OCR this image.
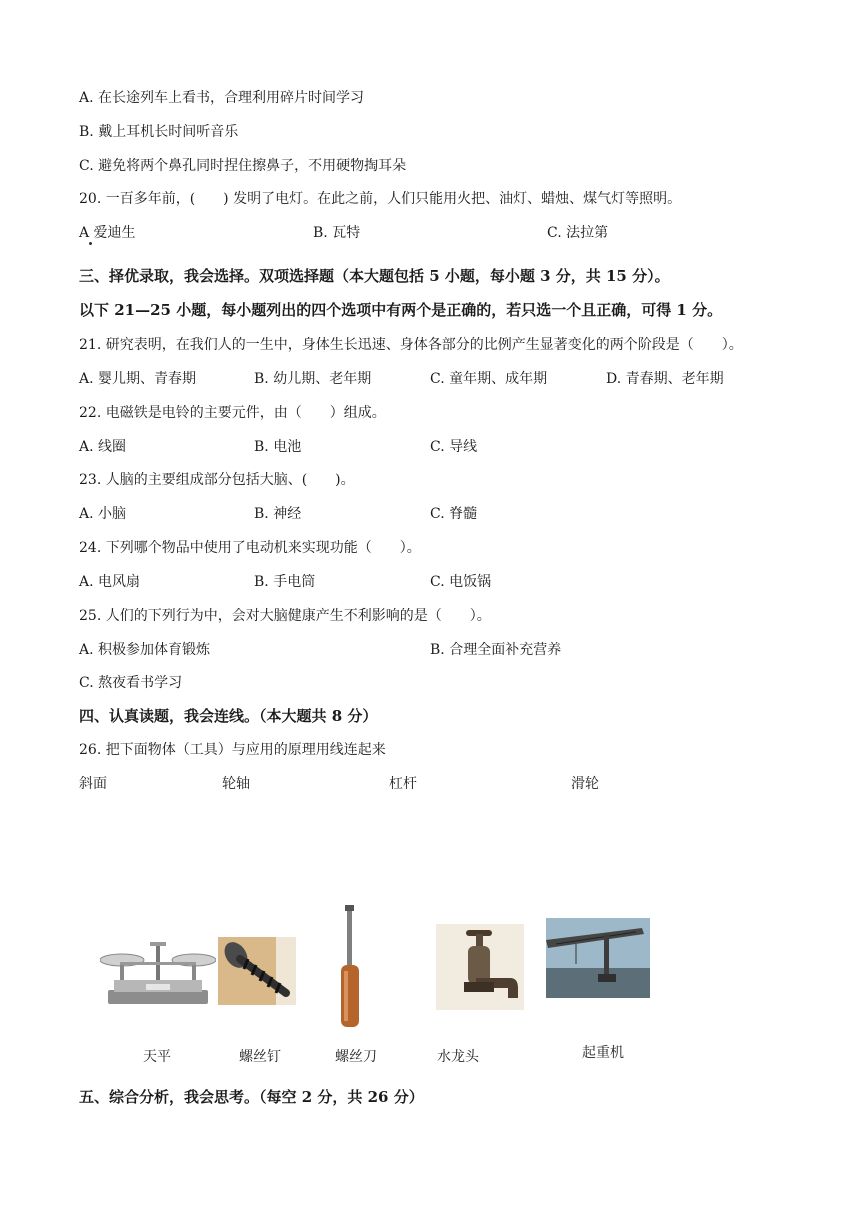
A. 在长途列车上看书，合理利用碎片时间学习
B. 戴上耳机长时间听音乐
C. 避免将两个鼻孔同时捏住擦鼻子，不用硬物掏耳朵
20. 一百多年前，(　　) 发明了电灯。在此之前，人们只能用火把、油灯、蜡烛、煤气灯等照明。
A 爱迪生	B. 瓦特	C. 法拉第
三、择优录取，我会选择。双项选择题（本大题包括 5 小题，每小题 3 分，共 15 分）。
以下 21—25 小题，每小题列出的四个选项中有两个是正确的，若只选一个且正确，可得 1 分。
21. 研究表明，在我们人的一生中，身体生长迅速、身体各部分的比例产生显著变化的两个阶段是（　　）。
A. 婴儿期、青春期	B. 幼儿期、老年期	C. 童年期、成年期	D. 青春期、老年期
22. 电磁铁是电铃的主要元件，由（　　）组成。
A. 线圈	B. 电池	C. 导线
23. 人脑的主要组成部分包括大脑、(　　)。
A. 小脑	B. 神经	C. 脊髓
24. 下列哪个物品中使用了电动机来实现功能（　　）。
A. 电风扇	B. 手电筒	C. 电饭锅
25. 人们的下列行为中，会对大脑健康产生不利影响的是（　　）。
A. 积极参加体育锻炼	B. 合理全面补充营养
C. 熬夜看书学习
四、认真读题，我会连线。（本大题共 8 分）
26. 把下面物体（工具）与应用的原理用线连起来
斜面	轮轴	杠杆	滑轮
天平	螺丝钉	螺丝刀	水龙头	起重机
五、综合分析，我会思考。（每空 2 分，共 26 分）
